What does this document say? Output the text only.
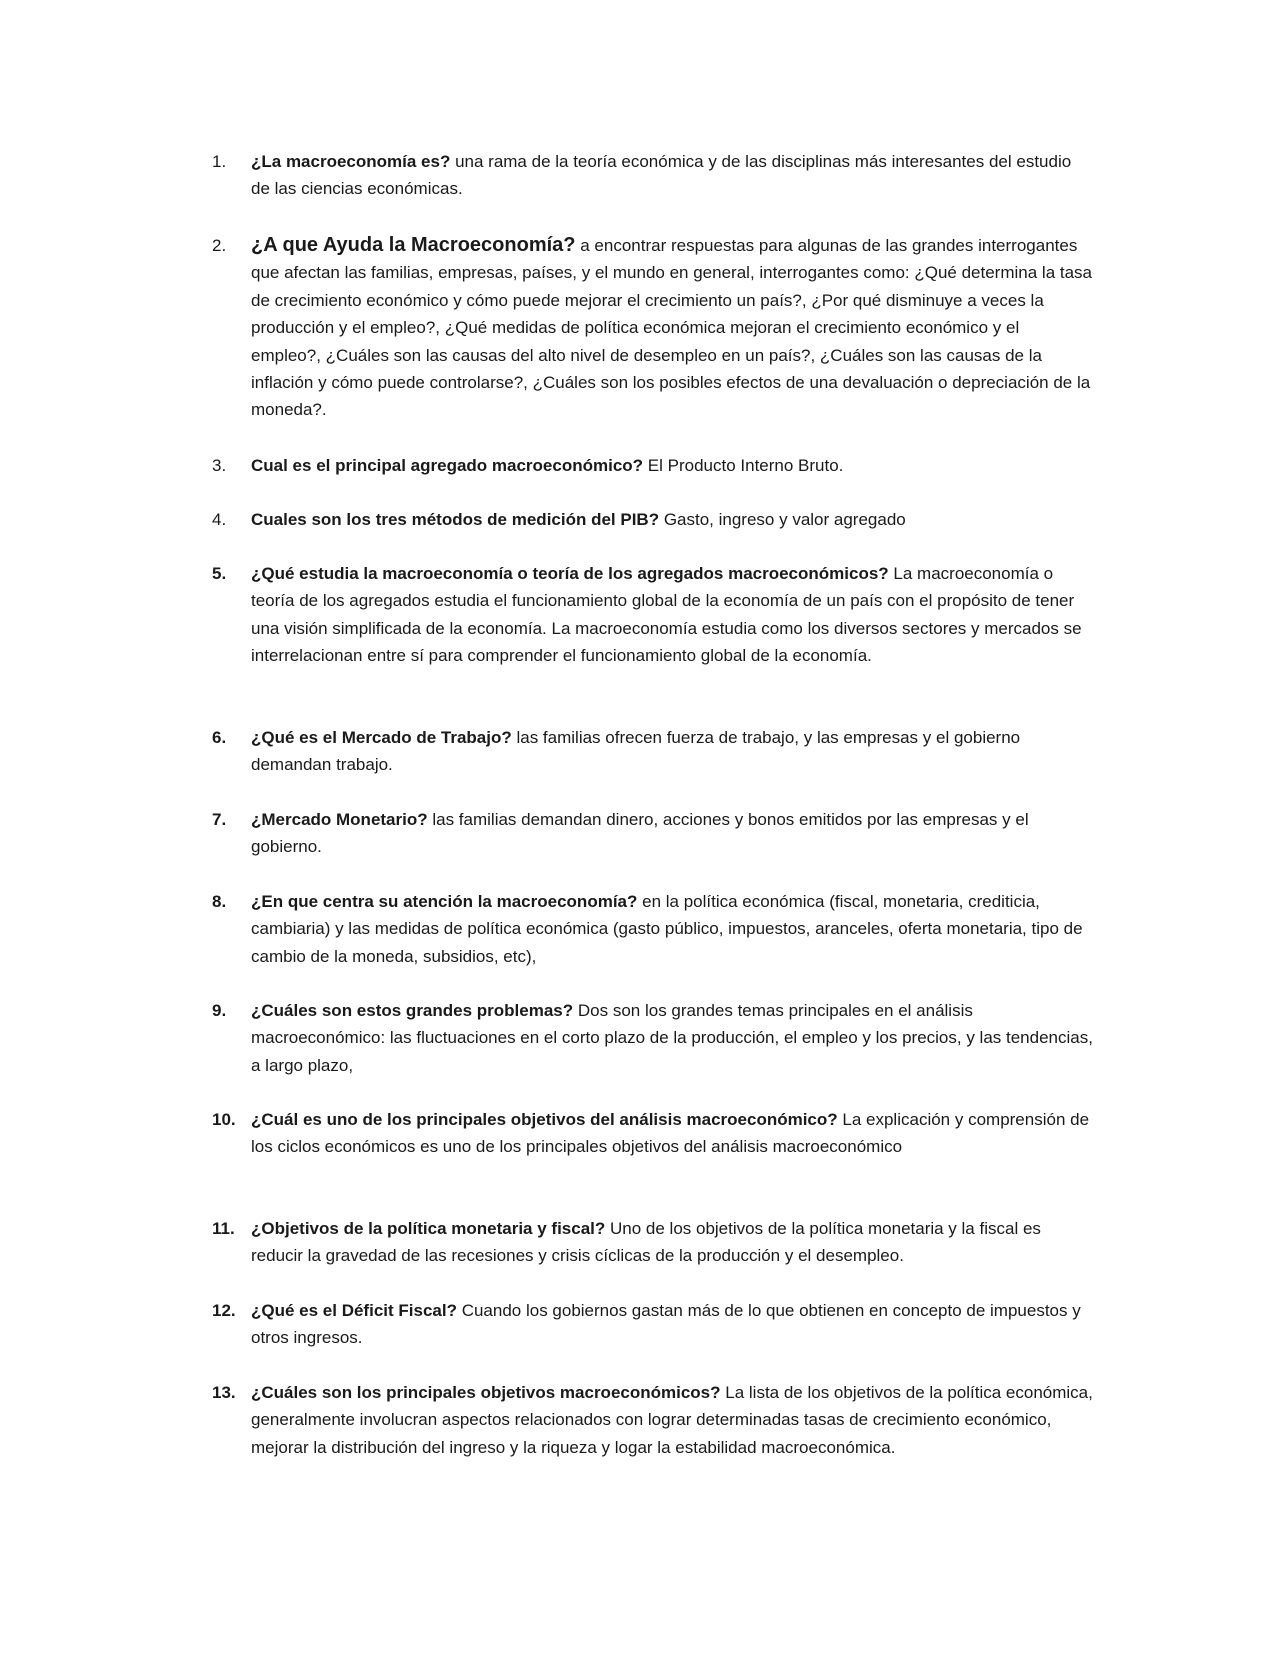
1.	¿La macroeconomía es? una rama de la teoría económica y de las disciplinas más interesantes del estudio de las ciencias económicas.

2.	¿A que Ayuda la Macroeconomía? a encontrar respuestas para algunas de las grandes interrogantes que afectan las familias, empresas, países, y el mundo en general, interrogantes como: ¿Qué determina la tasa de crecimiento económico y cómo puede mejorar el crecimiento un país?, ¿Por qué disminuye a veces la producción y el empleo?, ¿Qué medidas de política económica mejoran el crecimiento económico y el empleo?, ¿Cuáles son las causas del alto nivel de desempleo en un país?, ¿Cuáles son las causas de la inflación y cómo puede controlarse?, ¿Cuáles son los posibles efectos de una devaluación o depreciación de la moneda?.

3.	Cual es el principal agregado macroeconómico? El Producto Interno Bruto.

4.	Cuales son los tres métodos de medición del PIB? Gasto, ingreso y valor agregado

5.	¿Qué estudia la macroeconomía o teoría de los agregados macroeconómicos? La macroeconomía o teoría de los agregados estudia el funcionamiento global de la economía de un país con el propósito de tener una visión simplificada de la economía. La macroeconomía estudia como los diversos sectores y mercados se interrelacionan entre sí para comprender el funcionamiento global de la economía.

6.	¿Qué es el Mercado de Trabajo? las familias ofrecen fuerza de trabajo, y las empresas y el gobierno demandan trabajo.

7.	¿Mercado Monetario? las familias demandan dinero, acciones y bonos emitidos por las empresas y el gobierno.

8.	¿En que centra su atención la macroeconomía? en la política económica (fiscal, monetaria, crediticia, cambiaria) y las medidas de política económica (gasto público, impuestos, aranceles, oferta monetaria, tipo de cambio de la moneda, subsidios, etc),

9.	¿Cuáles son estos grandes problemas? Dos son los grandes temas principales en el análisis macroeconómico: las fluctuaciones en el corto plazo de la producción, el empleo y los precios, y las tendencias, a largo plazo,

10. ¿Cuál es uno de los principales objetivos del análisis macroeconómico? La explicación y comprensión de los ciclos económicos es uno de los principales objetivos del análisis macroeconómico

11. ¿Objetivos de la política monetaria y fiscal? Uno de los objetivos de la política monetaria y la fiscal es reducir la gravedad de las recesiones y crisis cíclicas de la producción y el desempleo.

12. ¿Qué es el Déficit Fiscal? Cuando los gobiernos gastan más de lo que obtienen en concepto de impuestos y otros ingresos.

13. ¿Cuáles son los principales objetivos macroeconómicos? La lista de los objetivos de la política económica, generalmente involucran aspectos relacionados con lograr determinadas tasas de crecimiento económico, mejorar la distribución del ingreso y la riqueza y logar la estabilidad macroeconómica.
